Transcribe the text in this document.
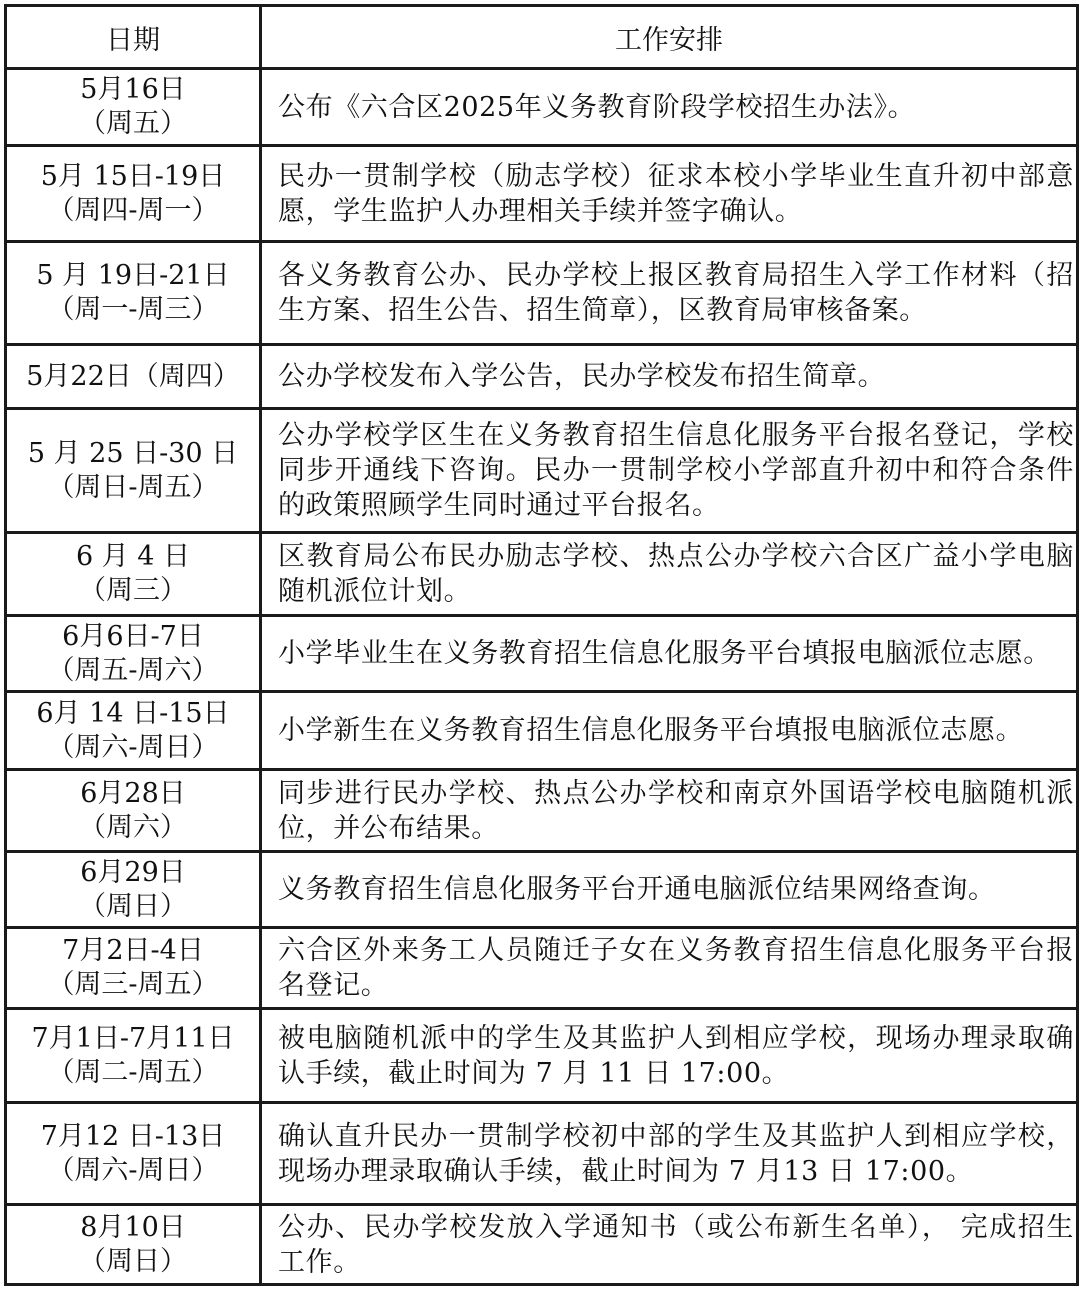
日期	工作安排

5月16日
（周五）	公布《六合区2025年义务教育阶段学校招生办法》。

5月 15日-19日
（周四-周一）	民办一贯制学校（励志学校）征求本校小学毕业生直升初中部意愿，学生监护人办理相关手续并签字确认。

5 月 19日-21日
（周一-周三）	各义务教育公办、民办学校上报区教育局招生入学工作材料（招生方案、招生公告、招生简章），区教育局审核备案。

5月22日（周四）	公办学校发布入学公告，民办学校发布招生简章。

5 月 25 日-30 日
（周日-周五）	公办学校学区生在义务教育招生信息化服务平台报名登记，学校同步开通线下咨询。民办一贯制学校小学部直升初中和符合条件的政策照顾学生同时通过平台报名。

6 月 4 日
（周三）	区教育局公布民办励志学校、热点公办学校六合区广益小学电脑随机派位计划。

6月6日-7日
（周五-周六）	小学毕业生在义务教育招生信息化服务平台填报电脑派位志愿。

6月 14 日-15日
（周六-周日）	小学新生在义务教育招生信息化服务平台填报电脑派位志愿。

6月28日
（周六）	同步进行民办学校、热点公办学校和南京外国语学校电脑随机派位，并公布结果。

6月29日
（周日）	义务教育招生信息化服务平台开通电脑派位结果网络查询。

7月2日-4日
（周三-周五）	六合区外来务工人员随迁子女在义务教育招生信息化服务平台报名登记。

7月1日-7月11日
（周二-周五）	被电脑随机派中的学生及其监护人到相应学校，现场办理录取确认手续，截止时间为 7 月 11 日 17:00。

7月12 日-13日
（周六-周日）	确认直升民办一贯制学校初中部的学生及其监护人到相应学校，现场办理录取确认手续，截止时间为 7 月13 日 17:00。

8月10日
（周日）	公办、民办学校发放入学通知书（或公布新生名单）， 完成招生工作。
